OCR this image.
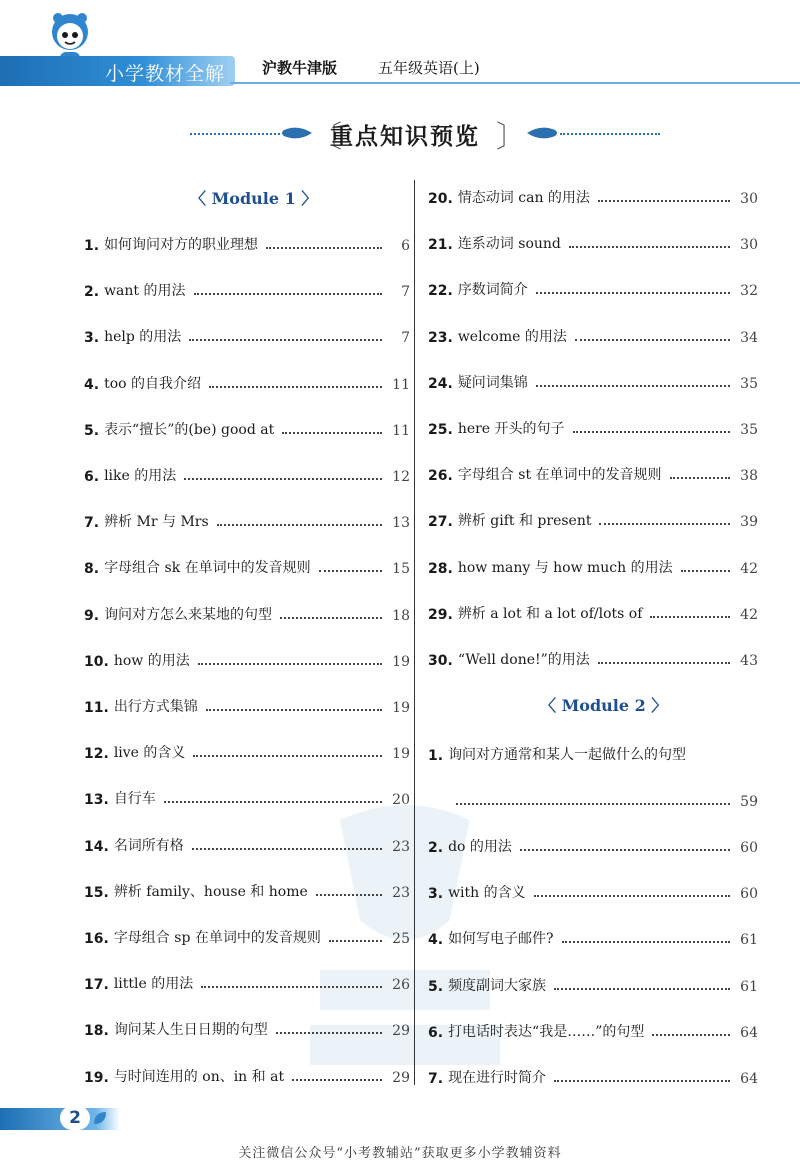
小学教材全解 沪教牛津版	五年级英语(上)
〔
重点知识预览 〕
〈 Module 1 〉
1. 如何询问对方的职业理想	6
2. want 的用法	7
3. help 的用法	7
4. too 的自我介绍	11
5. 表示“擅长”的(be) good at	11
6. like 的用法	12
7. 辨析 Mr 与 Mrs	13
8. 字母组合 sk 在单词中的发音规则	15
9. 询问对方怎么来某地的句型	18
10. how 的用法	19
11. 出行方式集锦	19
12. live 的含义	19
13. 自行车	20
14. 名词所有格	23
15. 辨析 family、house 和 home	23
16. 字母组合 sp 在单词中的发音规则	25
17. little 的用法	26
18. 询问某人生日日期的句型	29
19. 与时间连用的 on、in 和 at	29
20. 情态动词 can 的用法	30
21. 连系动词 sound	30
22. 序数词简介	32
23. welcome 的用法	34
24. 疑问词集锦	35
25. here 开头的句子	35
26. 字母组合 st 在单词中的发音规则	38
27. 辨析 gift 和 present	39
28. how many 与 how much 的用法	42
29. 辨析 a lot 和 a lot of/lots of	42
30. “Well done!”的用法	43
〈 Module 2 〉
1. 询问对方通常和某人一起做什么的句型
59
2. do 的用法	60
3. with 的含义	60
4. 如何写电子邮件?	61
5. 频度副词大家族	61
6. 打电话时表达“我是……”的句型	64
7. 现在进行时简介	64
2
关注微信公众号“小考教辅站”获取更多小学教辅资料
